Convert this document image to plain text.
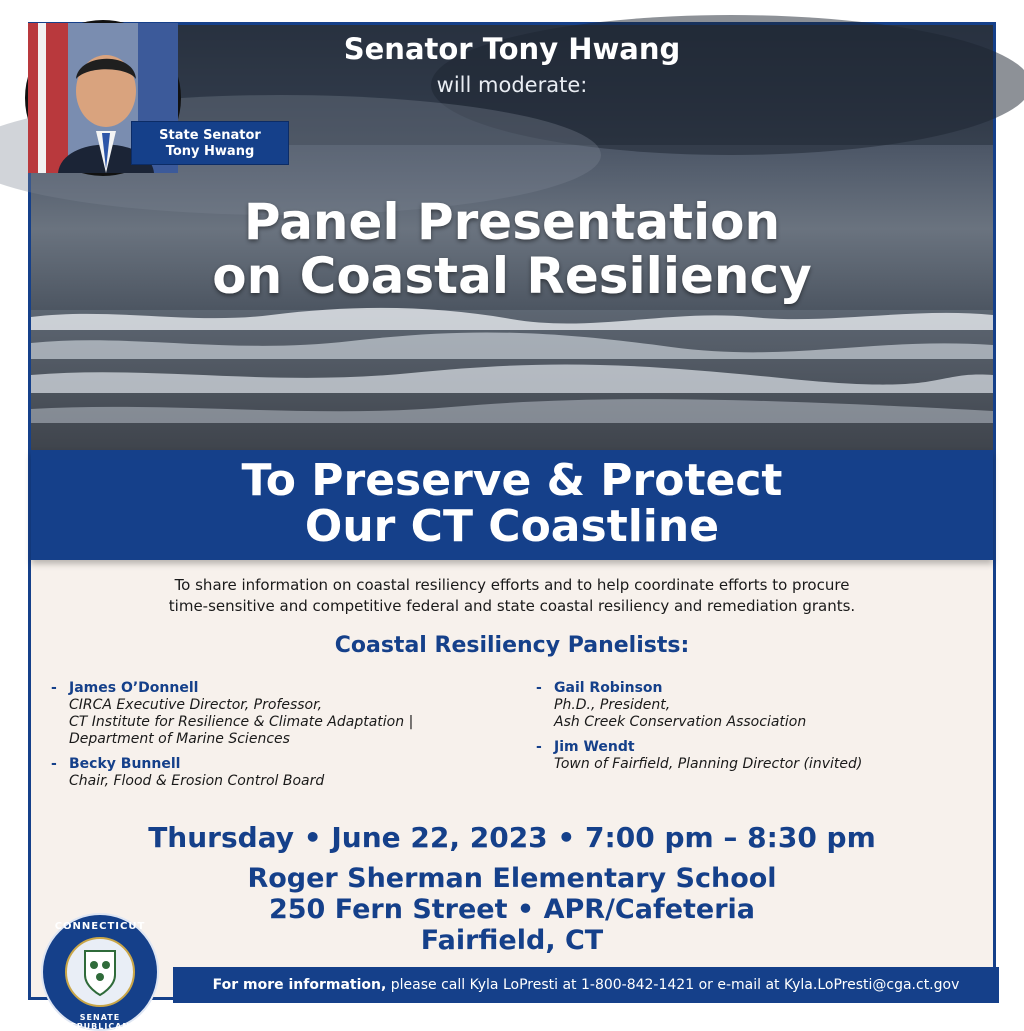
Senator Tony Hwang
will moderate:
State Senator
Tony Hwang
Panel Presentation
on Coastal Resiliency
To Preserve & Protect
Our CT Coastline
To share information on coastal resiliency efforts and to help coordinate efforts to procure
time-sensitive and competitive federal and state coastal resiliency and remediation grants.
Coastal Resiliency Panelists:
- James O’Donnell
CIRCA Executive Director, Professor,
CT Institute for Resilience & Climate Adaptation |
Department of Marine Sciences
- Becky Bunnell
Chair, Flood & Erosion Control Board
- Gail Robinson
Ph.D., President,
Ash Creek Conservation Association
- Jim Wendt
Town of Fairfield, Planning Director (invited)
Thursday • June 22, 2023 • 7:00 pm – 8:30 pm
Roger Sherman Elementary School
250 Fern Street • APR/Cafeteria
Fairfield, CT
For more information, please call Kyla LoPresti at 1-800-842-1421 or e-mail at Kyla.LoPresti@cga.ct.gov
CONNECTICUT
SENATE REPUBLICANS
